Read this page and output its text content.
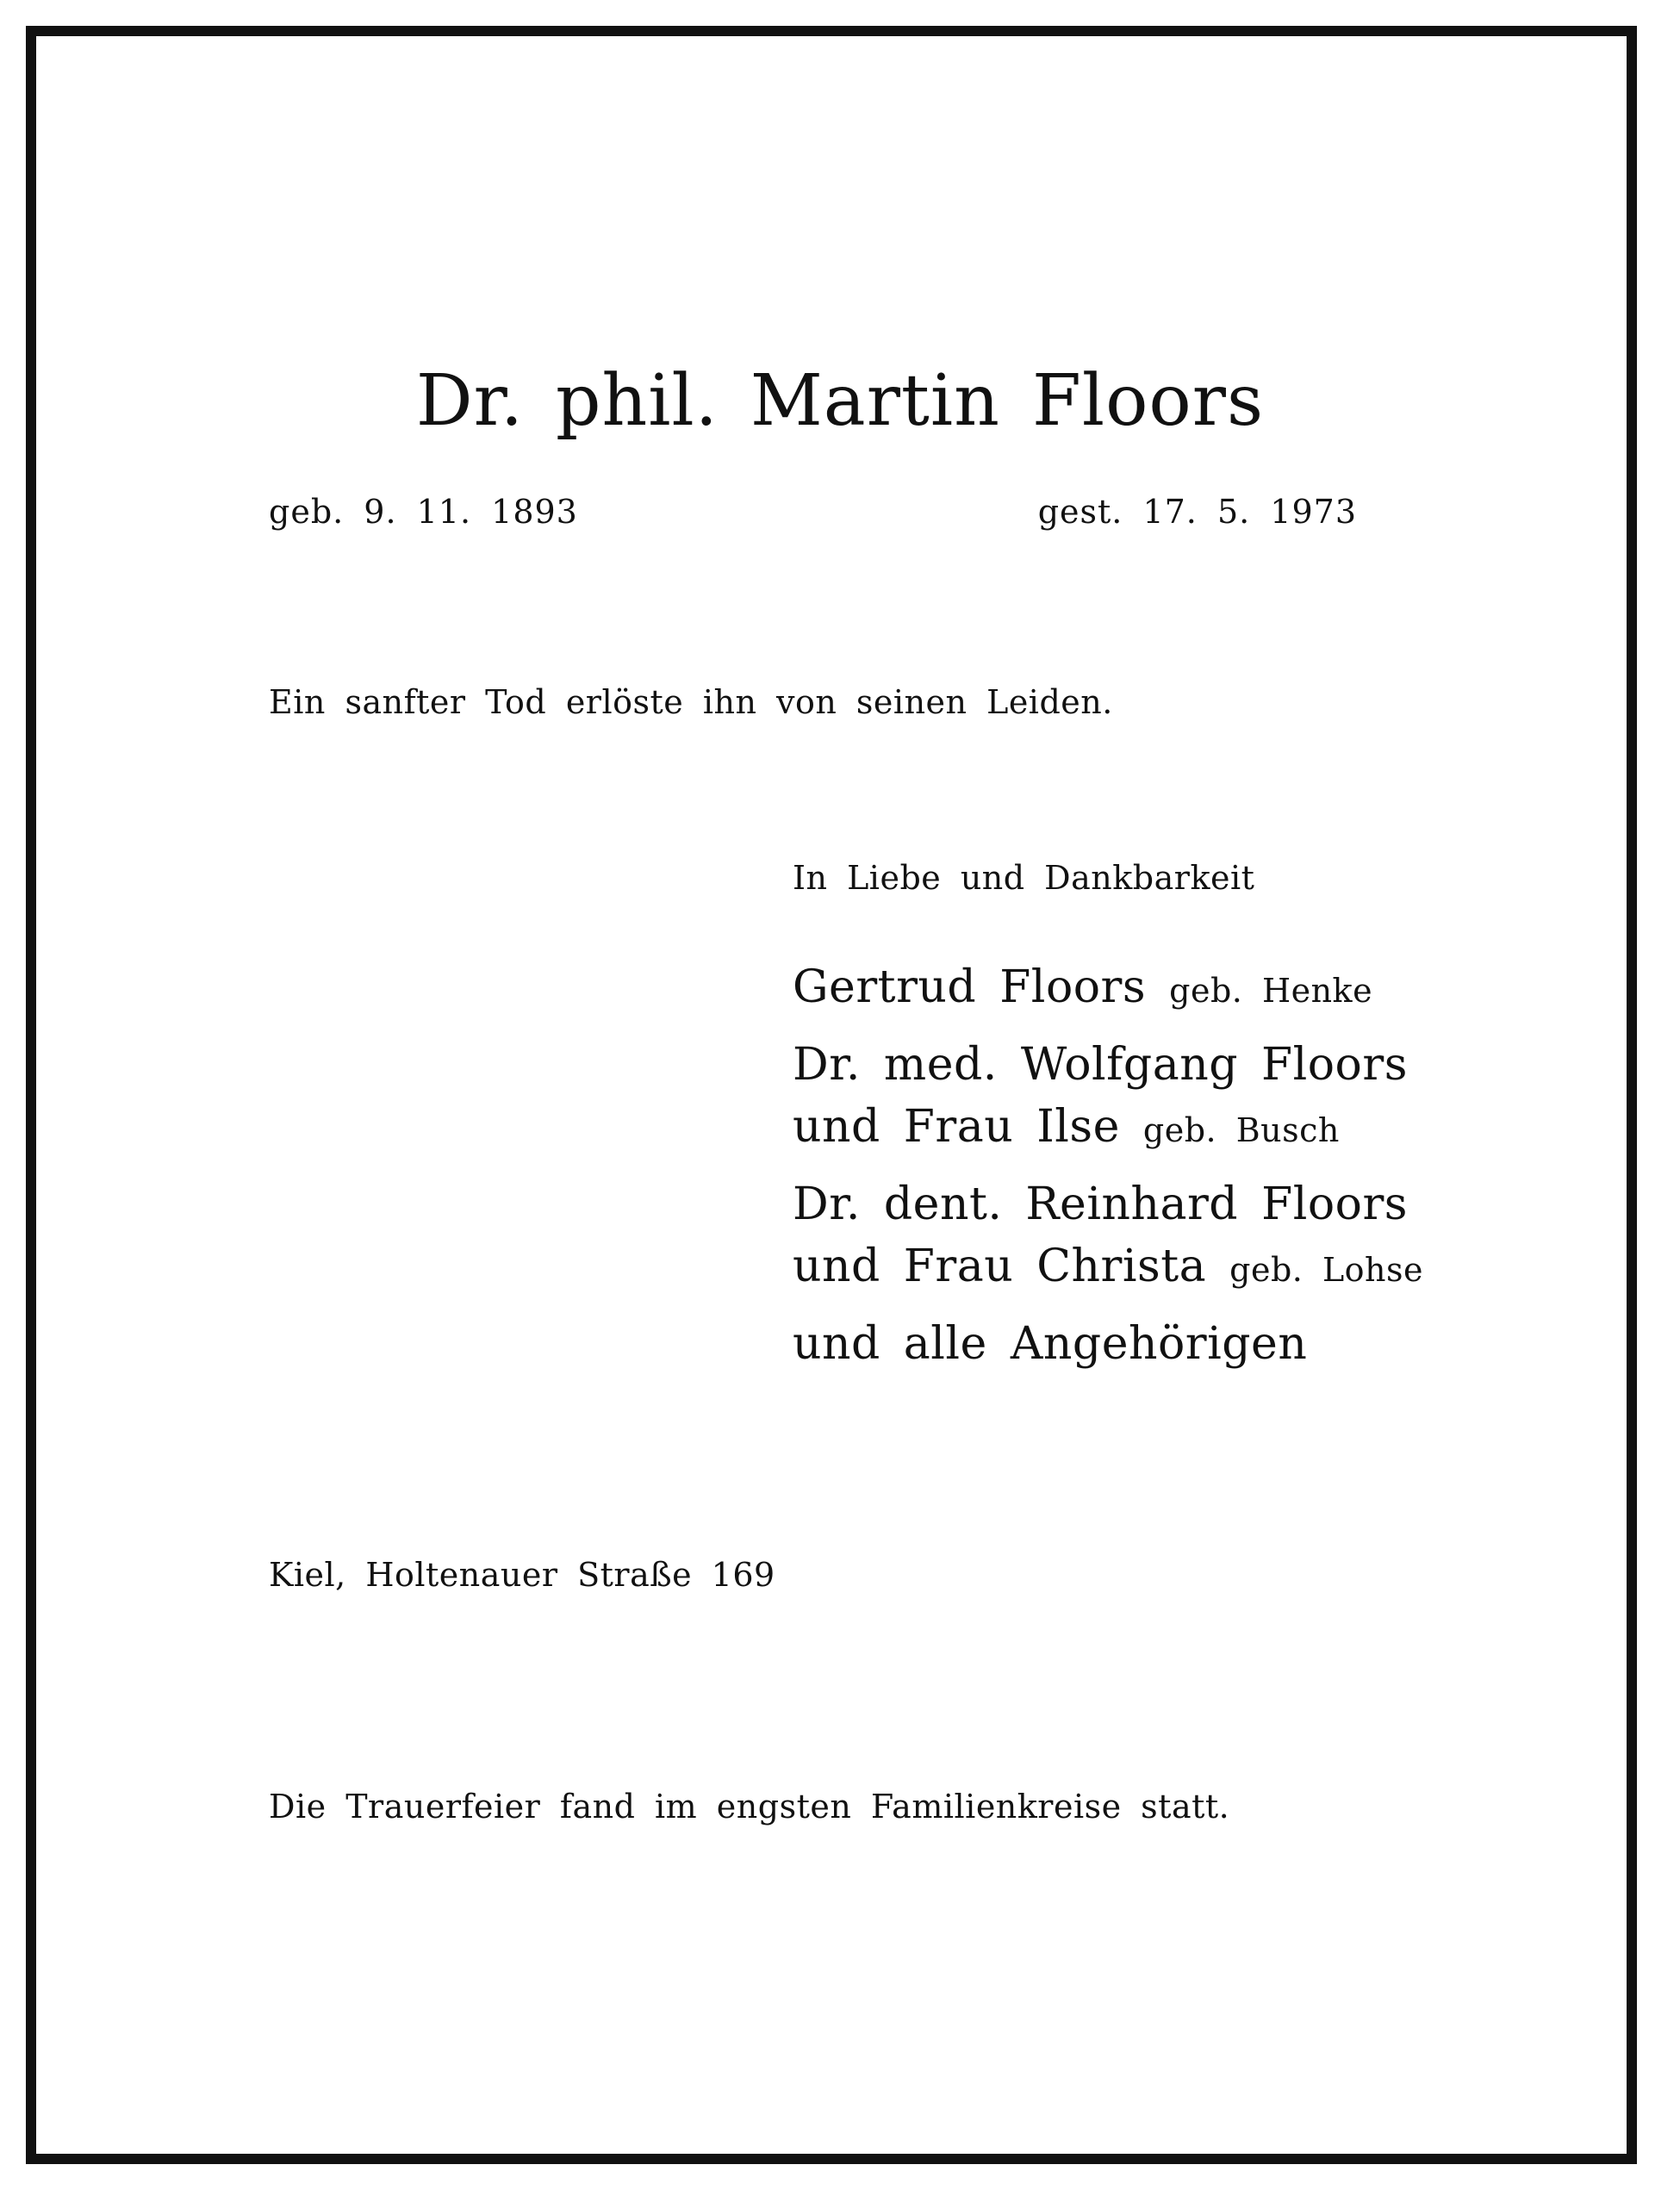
Dr. phil. Martin Floors
geb. 9. 11. 1893	gest. 17. 5. 1973
Ein sanfter Tod erlöste ihn von seinen Leiden.
In Liebe und Dankbarkeit
Gertrud Floors geb. Henke
Dr. med. Wolfgang Floors
und Frau Ilse geb. Busch
Dr. dent. Reinhard Floors
und Frau Christa geb. Lohse
und alle Angehörigen
Kiel, Holtenauer Straße 169
Die Trauerfeier fand im engsten Familienkreise statt.
